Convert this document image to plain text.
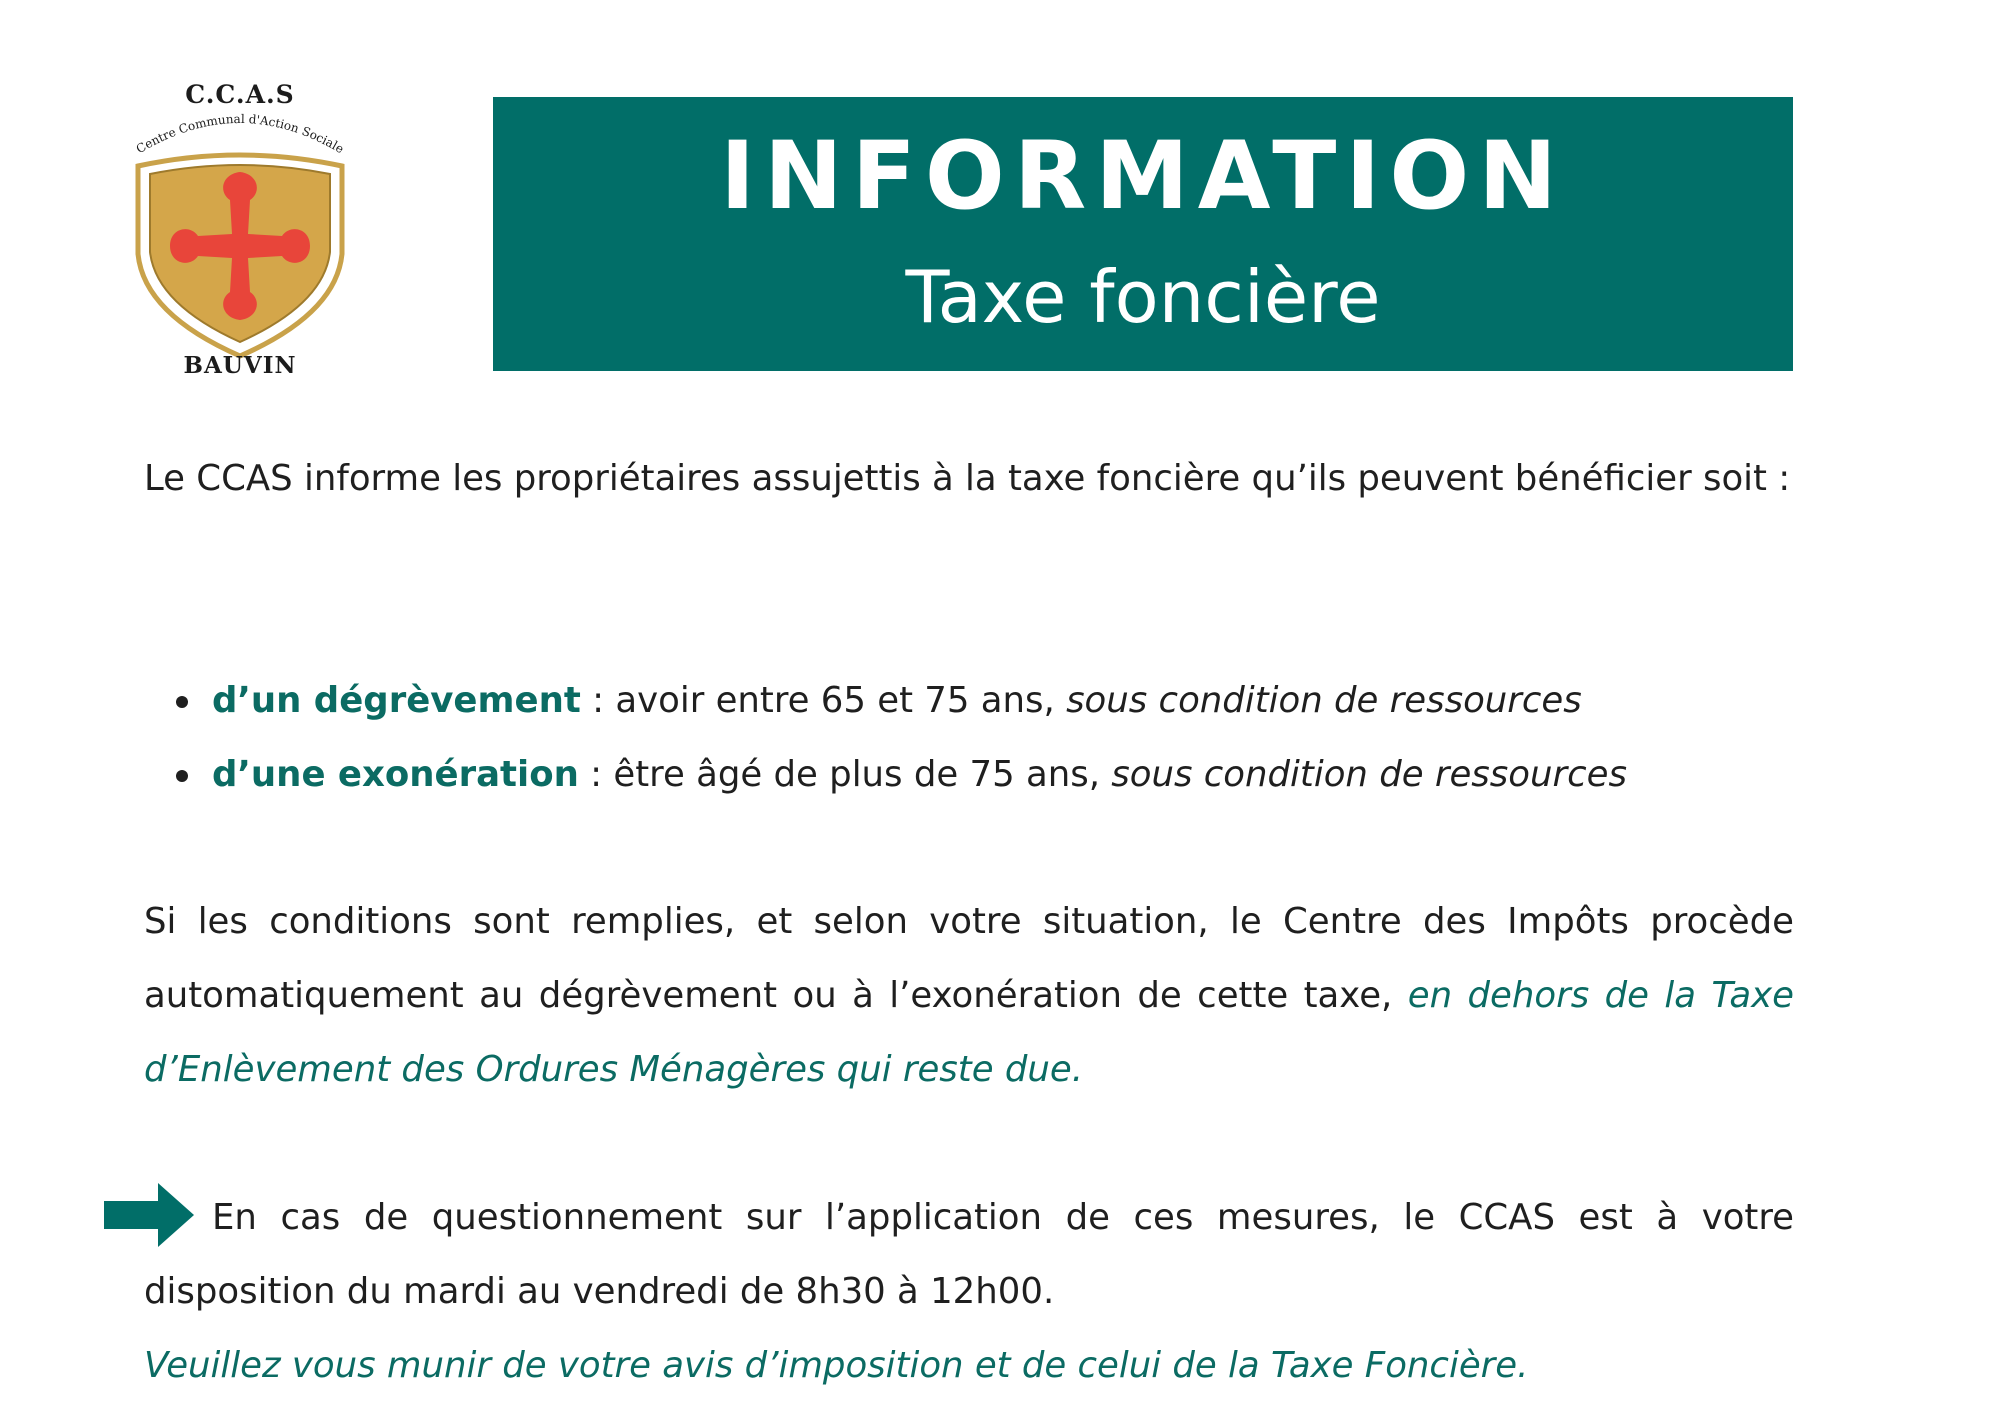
Centre Communal d'Action Sociale
C.C.A.S
BAUVIN
INFORMATION
Taxe foncière
Le CCAS informe les propriétaires assujettis à la taxe foncière qu’ils peuvent bénéficier soit :
d’un dégrèvement : avoir entre 65 et 75 ans, sous condition de ressources
d’une exonération : être âgé de plus de 75 ans, sous condition de ressources
Si les conditions sont remplies, et selon votre situation, le Centre des Impôts procède automatiquement au dégrèvement ou à l’exonération de cette taxe, en dehors de la Taxe d’Enlèvement des Ordures Ménagères qui reste due.
En cas de questionnement sur l’application de ces mesures, le CCAS est à votre disposition du mardi au vendredi de 8h30 à 12h00.
Veuillez vous munir de votre avis d’imposition et de celui de la Taxe Foncière.
